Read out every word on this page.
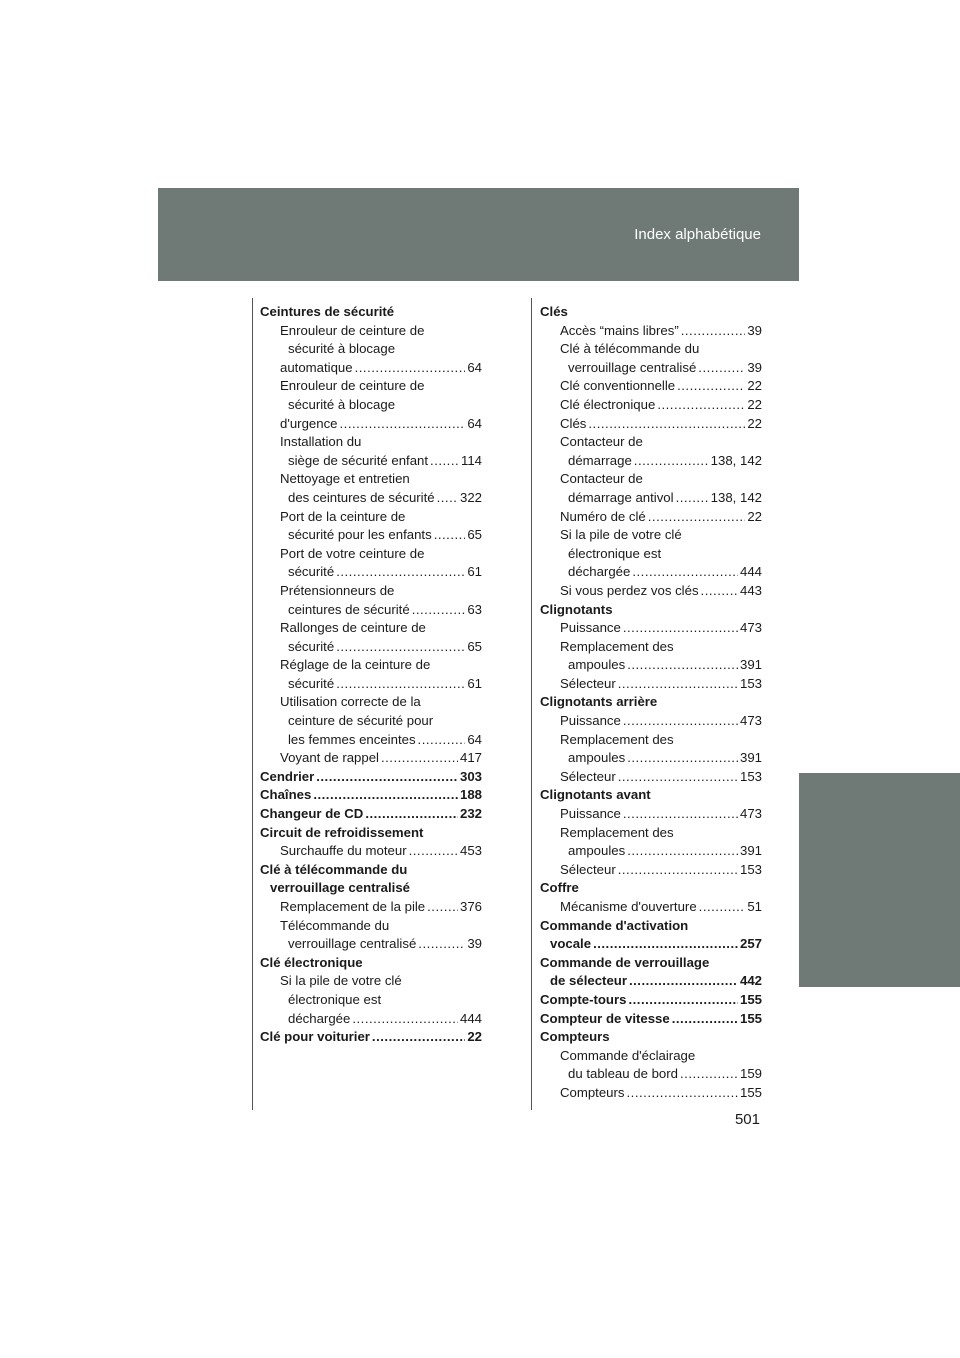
Index alphabétique
Ceintures de sécurité
Enrouleur de ceinture de
sécurité à blocage
automatique .....	64
Enrouleur de ceinture de
sécurité à blocage
d'urgence .....	64
Installation du
siège de sécurité enfant ..... 114
Nettoyage et entretien
des ceintures de sécurité ..... 322
Port de la ceinture de
sécurité pour les enfants .....	65
Port de votre ceinture de
sécurité .....	61
Prétensionneurs de
ceintures de sécurité .....	63
Rallonges de ceinture de
sécurité .....	65
Réglage de la ceinture de
sécurité .....	61
Utilisation correcte de la
ceinture de sécurité pour
les femmes enceintes .....	64
Voyant de rappel .....	417
Cendrier .....	303
Chaînes .....	188
Changeur de CD .....	232
Circuit de refroidissement
Surchauffe du moteur .....	453
Clé à télécommande du
verrouillage centralisé
Remplacement de la pile .....	376
Télécommande du
verrouillage centralisé .....	39
Clé électronique
Si la pile de votre clé
électronique est
déchargée .....	444
Clé pour voiturier .....	22
Clés
Accès “mains libres” .....	39
Clé à télécommande du
verrouillage centralisé .....	39
Clé conventionnelle .....	22
Clé électronique .....	22
Clés .....	22
Contacteur de
démarrage .....	138, 142
Contacteur de
démarrage antivol .....	138, 142
Numéro de clé .....	22
Si la pile de votre clé
électronique est
déchargée .....	444
Si vous perdez vos clés .....	443
Clignotants
Puissance .....	473
Remplacement des
ampoules .....	391
Sélecteur .....	153
Clignotants arrière
Puissance .....	473
Remplacement des
ampoules .....	391
Sélecteur .....	153
Clignotants avant
Puissance .....	473
Remplacement des
ampoules .....	391
Sélecteur .....	153
Coffre
Mécanisme d'ouverture .....	51
Commande d'activation
vocale .....	257
Commande de verrouillage
de sélecteur .....	442
Compte-tours .....	155
Compteur de vitesse .....	155
Compteurs
Commande d'éclairage
du tableau de bord .....	159
Compteurs .....	155
501
